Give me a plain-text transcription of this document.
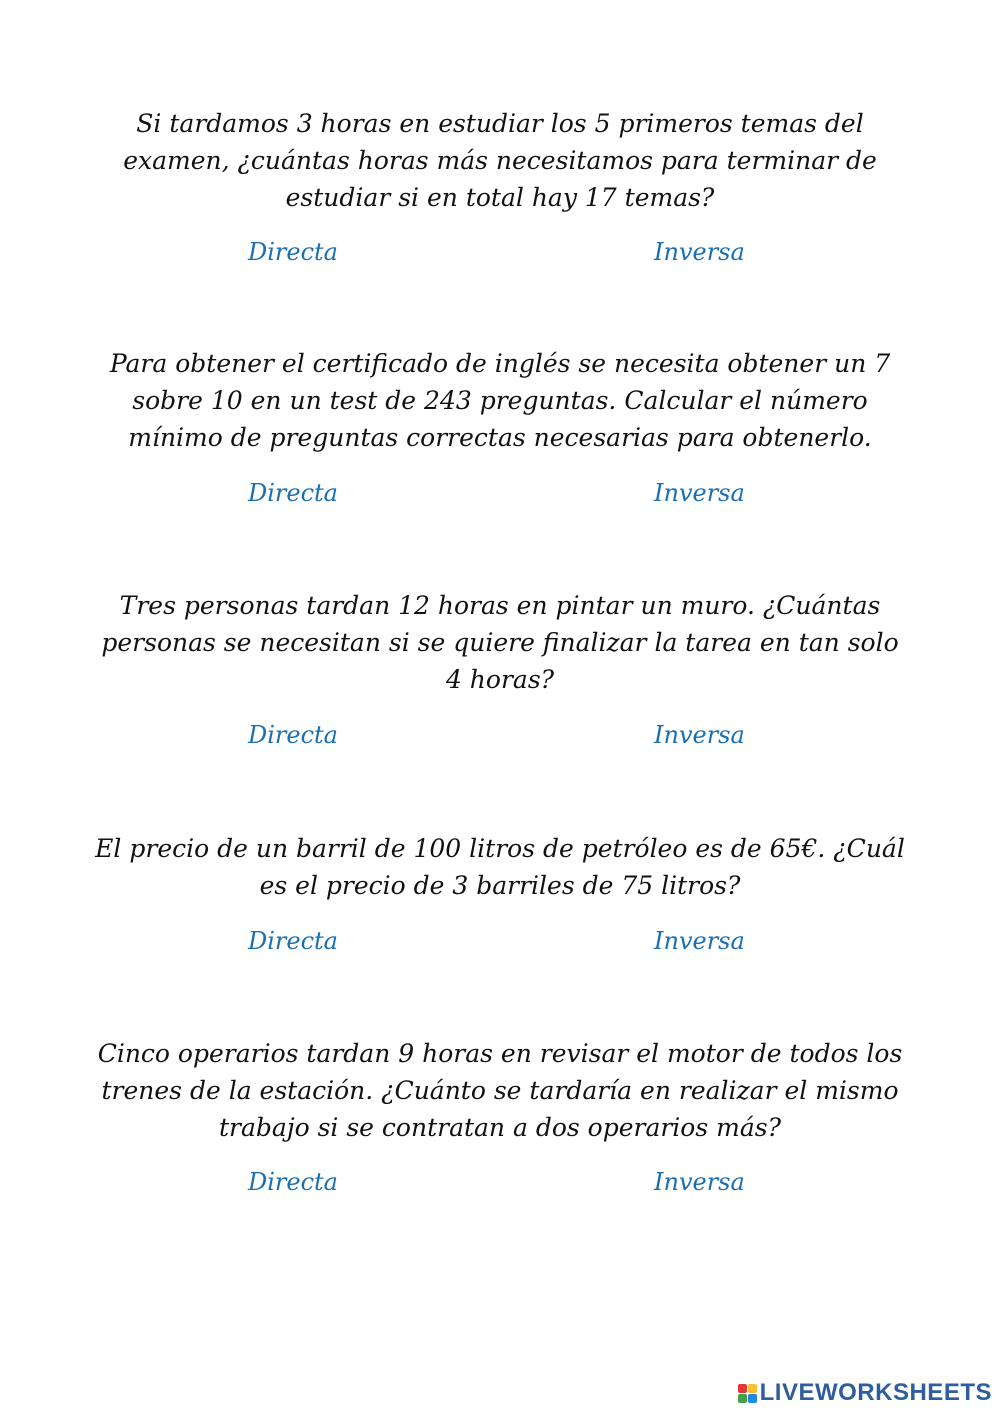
Si tardamos 3 horas en estudiar los 5 primeros temas del examen, ¿cuántas horas más necesitamos para terminar de estudiar si en total hay 17 temas?
Directa	Inversa
Para obtener el certificado de inglés se necesita obtener un 7 sobre 10 en un test de 243 preguntas. Calcular el número mínimo de preguntas correctas necesarias para obtenerlo.
Directa	Inversa
Tres personas tardan 12 horas en pintar un muro. ¿Cuántas personas se necesitan si se quiere finalizar la tarea en tan solo 4 horas?
Directa	Inversa
El precio de un barril de 100 litros de petróleo es de 65€. ¿Cuál es el precio de 3 barriles de 75 litros?
Directa	Inversa
Cinco operarios tardan 9 horas en revisar el motor de todos los trenes de la estación. ¿Cuánto se tardaría en realizar el mismo trabajo si se contratan a dos operarios más?
Directa	Inversa
LIVEWORKSHEETS
